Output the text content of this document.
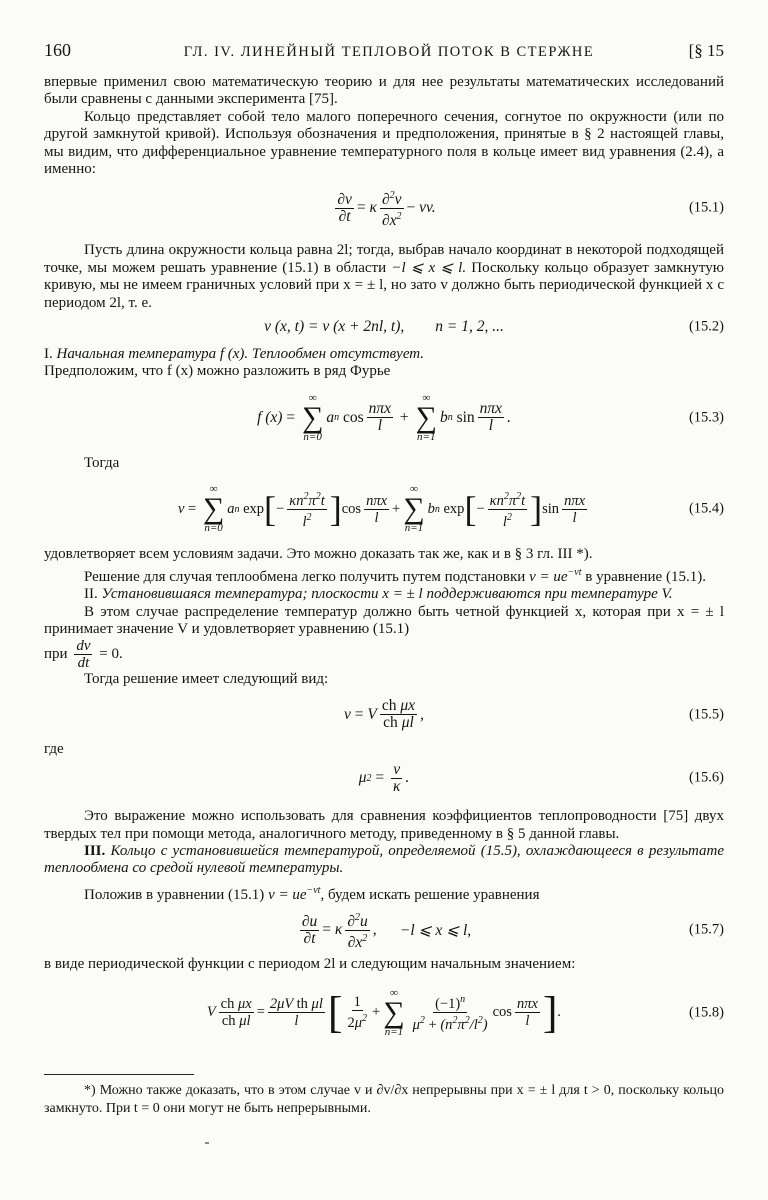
160	ГЛ. IV. ЛИНЕЙНЫЙ ТЕПЛОВОЙ ПОТОК В СТЕРЖНЕ	[§ 15

впервые применил свою математическую теорию и для нее результаты математических исследований были сравнены с данными эксперимента [75].

Кольцо представляет собой тело малого поперечного сечения, согнутое по окружности (или по другой замкнутой кривой). Используя обозначения и предположения, принятые в § 2 настоящей главы, мы видим, что дифференциальное уравнение температурного поля в кольце имеет вид уравнения (2.4), а именно:

$\frac{\partial v}{\partial t} = \kappa \frac{\partial^2v}{\partial x^2} - \nu v$.	(15.1)

Пусть длина окружности кольца равна 2l; тогда, выбрав начало координат в некоторой подходящей точке, мы можем решать уравнение (15.1) в области −l ⩽ x ⩽ l. Поскольку кольцо образует замкнутую кривую, мы не имеем граничных условий при x = ± l, но зато v должно быть периодической функцией x с периодом 2l, т. е.

v (x, t) = v (x + 2nl, t),        n = 1, 2, ...	(15.2)

I. Начальная температура f (x). Теплообмен отсутствует.

Предположим, что f (x) можно разложить в ряд Фурье

f (x) =
∞
∑
n=0
a n
$\cos \frac{\text{nπx}}{l}$ +
∞
∑
n=1
b n
$\sin \frac{\text{nπx}}{l}$ .	(15.3)

Тогда

v =
∞
∑
n=0
a n
exp [ − $\frac{\kappa n^2\pi^2t}{l^2}$ ] $\cos \frac{\text{nπx}}{l}$ +
∞
∑
n=1
b n
exp [ − $\frac{\kappa n^2\pi^2t}{l^2}$ ] $\sin \frac{\text{nπx}}{l}$	(15.4)

удовлетворяет всем условиям задачи. Это можно доказать так же, как и в § 3 гл. III *).

Решение для случая теплообмена легко получить путем подстановки $v = ue^{-\nu t}$ в уравнение (15.1).

II. Установившаяся температура; плоскости x = ± l поддерживаются при температуре V.

В этом случае распределение температур должно быть четной функцией x, которая при x = ± l принимает значение V и удовлетворяет уравнению (15.1)

при $\frac{dv}{dt} = 0$.

Тогда решение имеет следующий вид:

v = V $\frac{\text{ch μx}}{\text{ch μl}}$ ,	(15.5)

где

μ $2 = \frac{\nu}{\kappa}$ .	(15.6)

Это выражение можно использовать для сравнения коэффициентов теплопроводности [75] двух твердых тел при помощи метода, аналогичного методу, приведенному в § 5 данной главы.

III. Кольцо с установившейся температурой, определяемой (15.5), охлаждающееся в результате теплообмена со средой нулевой температуры.

Положив в уравнении (15.1) $v = ue^{-\nu t}$, будем искать решение уравнения

$\frac{\partial u}{\partial t} = \kappa \frac{\partial^2u}{\partial x^2}$ , −l ⩽ x ⩽ l,	(15.7)

в виде периодической функции с периодом 2l и следующим начальным значением:

V $\frac{\text{ch μx}}{\text{ch μl}} = \frac{\text{2μV th μl}}{l}$ [ $\frac{1}{2\mu^2}$ +
∞
∑
$n=1 \frac{(-1)^n}{\mu^2 + (n^2\pi^2/l^2)}$ $\cos \frac{\text{nπx}}{l}$ ] .	(15.8)
*) Можно также доказать, что в этом случае v и ∂v/∂x непрерывны при x = ± l для t > 0, поскольку кольцо замкнуто. При t = 0 они могут не быть непрерывными.
